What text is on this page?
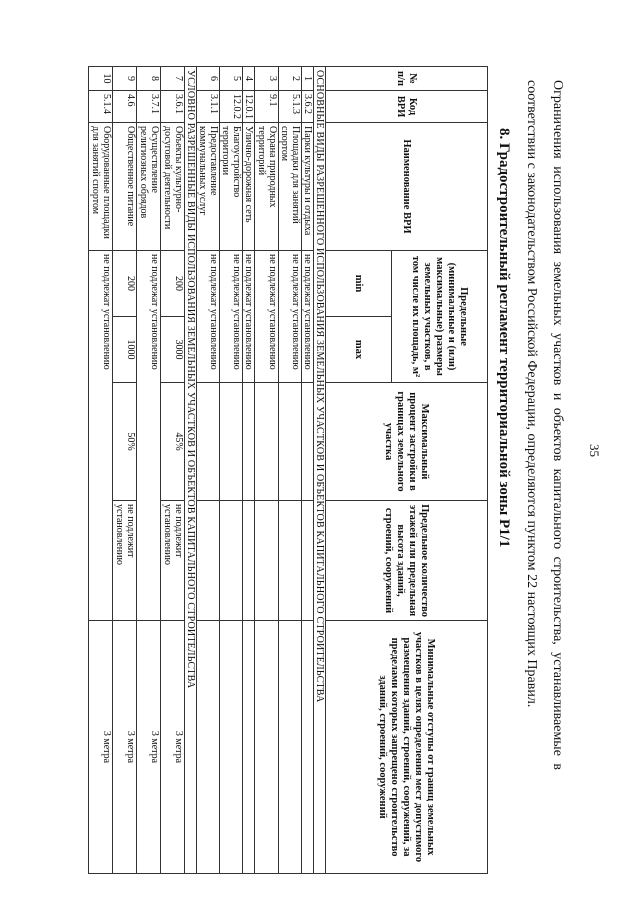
35
Ограничения использования земельных участков и объектов капитального строительства, устанавливаемые в соответствии с законодательством Российской Федерации, определяются пунктом 22 настоящих Правил.
8. Градостроительный регламент территориальной зоны Р1/1
№ п/п	Код ВРИ	Наименование ВРИ	Предельные (минимальные и (или) максимальные) размеры земельных участков, в том числе их площадь, м²		Максимальный процент застройки в границах земельного участка	Предельное количество этажей или предельная высота зданий, строений, сооружений	Минимальные отступы от границ земельных участков в целях определения мест допустимого размещения зданий, строений, сооружений, за пределами которых запрещено строительство зданий, строений, сооружений
			min	max			
ОСНОВНЫЕ ВИДЫ РАЗРЕШЕННОГО ИСПОЛЬЗОВАНИЯ ЗЕМЕЛЬНЫХ УЧАСТКОВ И ОБЪЕКТОВ КАПИТАЛЬНОГО СТРОИТЕЛЬСТВА							
1	3.6.2	Парки культуры и отдыха	не подлежат установлению				
2	5.1.3	Площадки для занятий спортом	не подлежат установлению				
3	9.1	Охрана природных территорий	не подлежат установлению				
4	12.0.1	Улично-дорожная сеть	не подлежат установлению				
5	12.0.2	Благоустройство территории	не подлежат установлению				
6	3.1.1	Предоставление коммунальных услуг	не подлежат установлению				
УСЛОВНО РАЗРЕШЕННЫЕ ВИДЫ ИСПОЛЬЗОВАНИЯ ЗЕМЕЛЬНЫХ УЧАСТКОВ И ОБЪЕКТОВ КАПИТАЛЬНОГО СТРОИТЕЛЬСТВА							
7	3.6.1	Объекты культурно-досуговой деятельности	200	3000	45%	не подлежит установлению	3 метра
8	3.7.1	Осуществление религиозных обрядов	не подлежат установлению				3 метра
9	4.6	Общественное питание	200	1000	50%	не подлежит установлению	3 метра
10	5.1.4	Оборудованные площадки для занятий спортом	не подлежат установлению				3 метра
